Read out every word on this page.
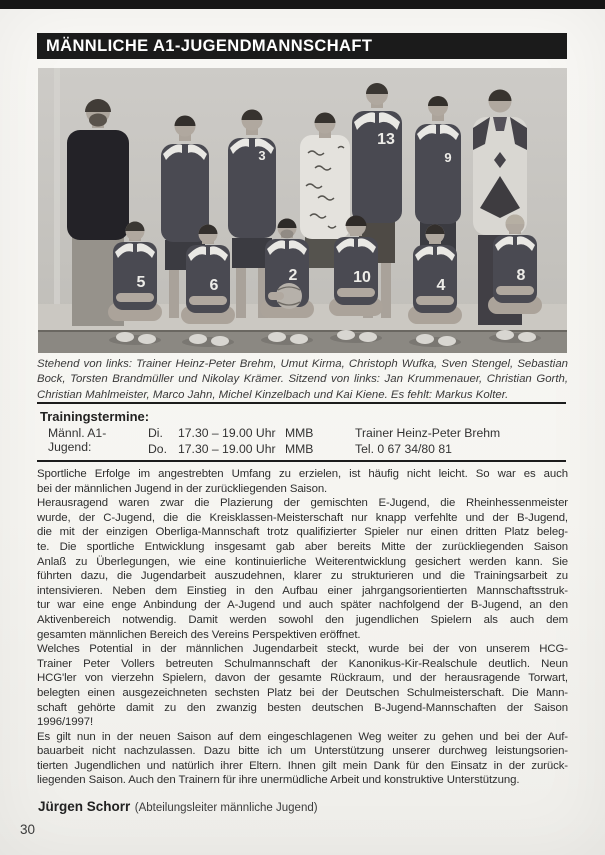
MÄNNLICHE A1-JUGENDMANNSCHAFT
3
13
9
5	6
2	10	4
8
Stehend von links: Trainer Heinz-Peter Brehm, Umut Kirma, Christoph Wufka, Sven Stengel, Sebastian
Bock, Torsten Brandmüller und Nikolay Krämer. Sitzend von links: Jan Krummenauer, Christian Gorth,
Christian Mahlmeister, Marco Jahn, Michel Kinzelbach und Kai Kiene. Es fehlt: Markus Kolter.
Trainingstermine:
Männl. A1-Jugend:
Di.	17.30 – 19.00 Uhr MMB	Trainer Heinz-Peter Brehm
Do. 17.30 – 19.00 Uhr MMB	Tel. 0 67 34/80 81
Sportliche Erfolge im angestrebten Umfang zu erzielen, ist häufig nicht leicht. So war es auch
bei der männlichen Jugend in der zurückliegenden Saison.
Herausragend waren zwar die Plazierung der gemischten E-Jugend, die Rheinhessenmeister
wurde, der C-Jugend, die die Kreisklassen-Meisterschaft nur knapp verfehlte und der B-Jugend,
die mit der einzigen Oberliga-Mannschaft trotz qualifizierter Spieler nur einen dritten Platz beleg-
te. Die sportliche Entwicklung insgesamt gab aber bereits Mitte der zurückliegenden Saison
Anlaß zu Überlegungen, wie eine kontinuierliche Weiterentwicklung gesichert werden kann. Sie
führten dazu, die Jugendarbeit auszudehnen, klarer zu strukturieren und die Trainingsarbeit zu
intensivieren. Neben dem Einstieg in den Aufbau einer jahrgangsorientierten Mannschaftsstruk-
tur war eine enge Anbindung der A-Jugend und auch später nachfolgend der B-Jugend, an den
Aktivenbereich notwendig. Damit werden sowohl den jugendlichen Spielern als auch dem
gesamten männlichen Bereich des Vereins Perspektiven eröffnet.
Welches Potential in der männlichen Jugendarbeit steckt, wurde bei der von unserem HCG-
Trainer Peter Vollers betreuten Schulmannschaft der Kanonikus-Kir-Realschule deutlich. Neun
HCG'ler von vierzehn Spielern, davon der gesamte Rückraum, und der herausragende Torwart,
belegten einen ausgezeichneten sechsten Platz bei der Deutschen Schulmeisterschaft. Die Mann-
schaft gehörte damit zu den zwanzig besten deutschen B-Jugend-Mannschaften der Saison
1996/1997!
Es gilt nun in der neuen Saison auf dem eingeschlagenen Weg weiter zu gehen und bei der Auf-
bauarbeit nicht nachzulassen. Dazu bitte ich um Unterstützung unserer durchweg leistungsorien-
tierten Jugendlichen und natürlich ihrer Eltern. Ihnen gilt mein Dank für den Einsatz in der zurück-
liegenden Saison. Auch den Trainern für ihre unermüdliche Arbeit und konstruktive Unterstützung.
Jürgen Schorr (Abteilungsleiter männliche Jugend)
30
